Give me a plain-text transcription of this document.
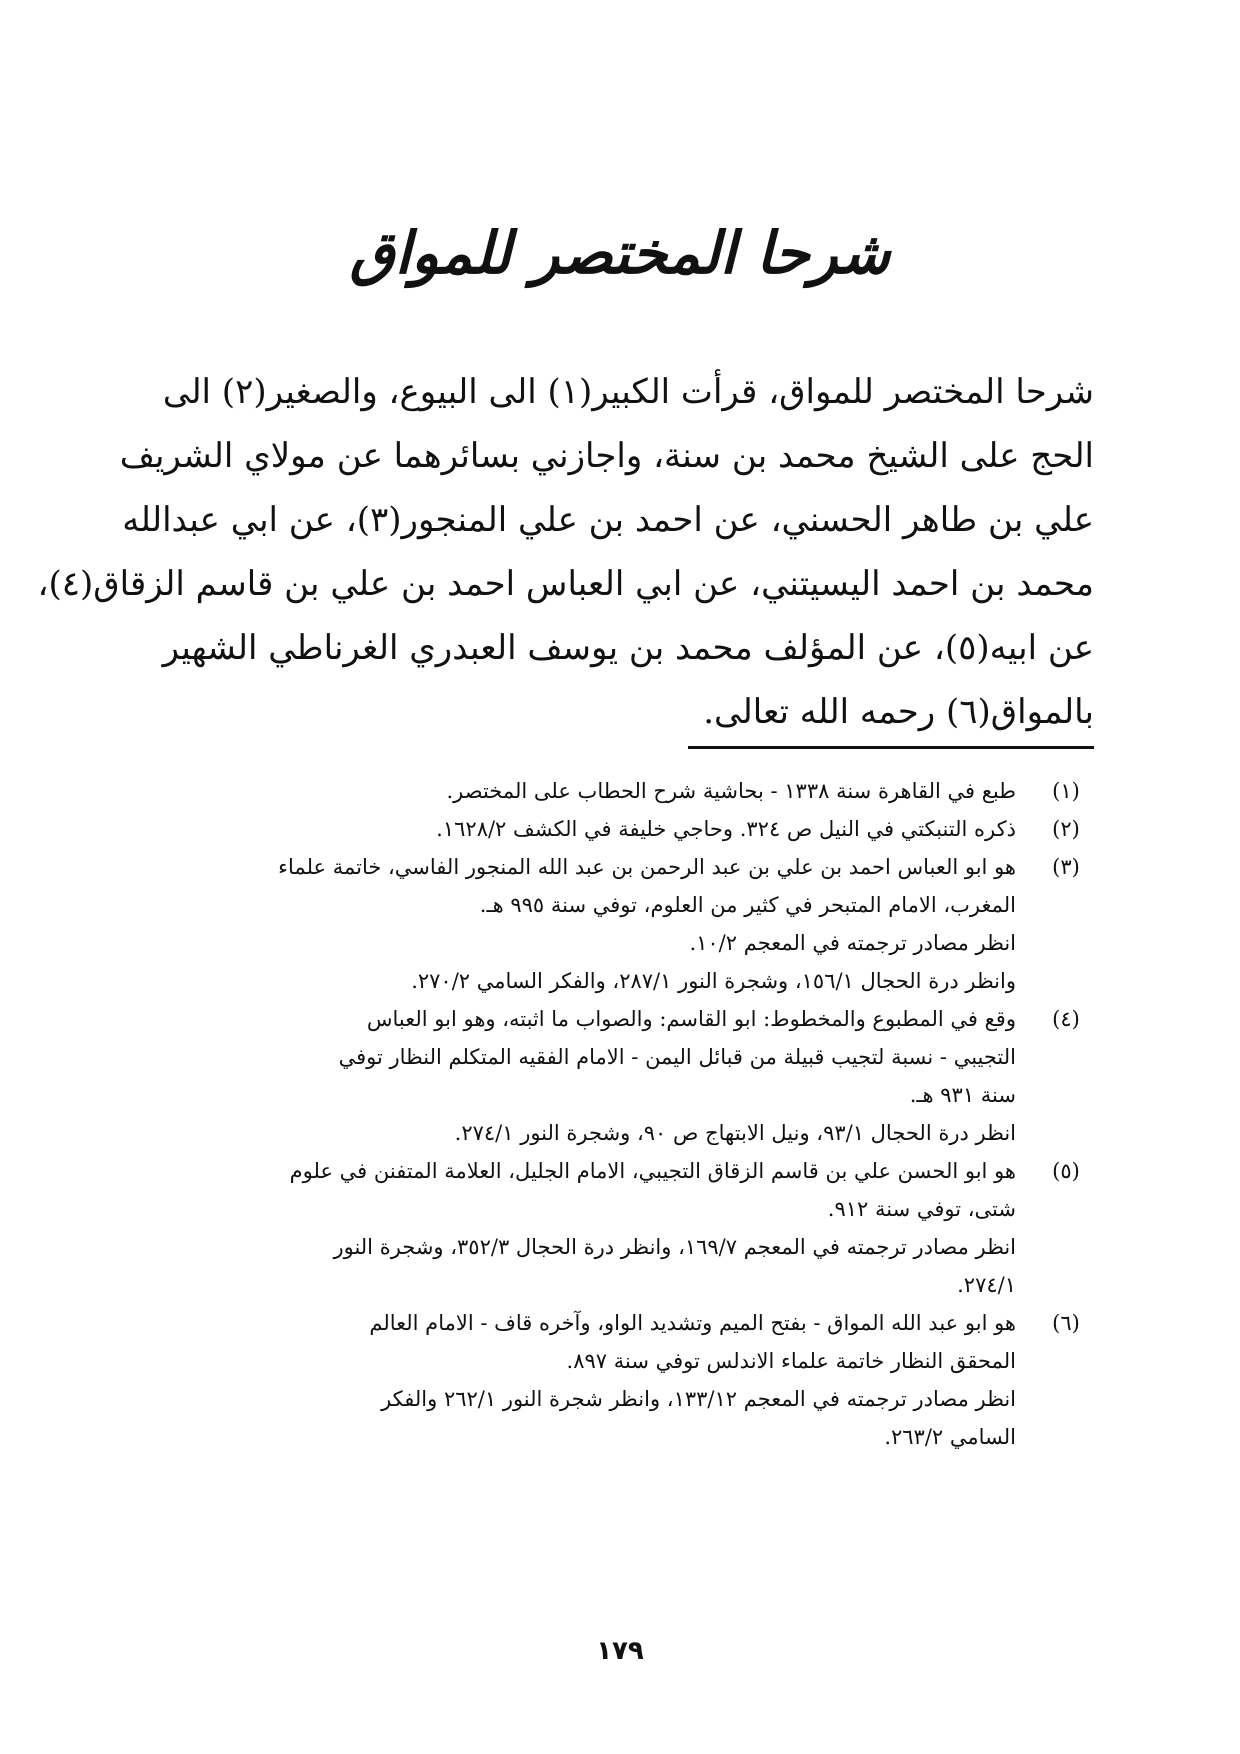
شرحا المختصر للمواق
شرحا المختصر للمواق، قرأت الكبير(١) الى البيوع، والصغير(٢) الى
الحج على الشيخ محمد بن سنة، واجازني بسائرهما عن مولاي الشريف
علي بن طاهر الحسني، عن احمد بن علي المنجور(٣)، عن ابي عبدالله
محمد بن احمد اليسيتني، عن ابي العباس احمد بن علي بن قاسم الزقاق(٤)،
عن ابيه(٥)، عن المؤلف محمد بن يوسف العبدري الغرناطي الشهير
بالمواق(٦) رحمه الله تعالى.
(١)
طبع في القاهرة سنة ١٣٣٨ - بحاشية شرح الحطاب على المختصر.
(٢)
ذكره التنبكتي في النيل ص ٣٢٤. وحاجي خليفة في الكشف ١٦٢٨/٢.
(٣)
هو ابو العباس احمد بن علي بن عبد الرحمن بن عبد الله المنجور الفاسي، خاتمة علماء
المغرب، الامام المتبحر في كثير من العلوم، توفي سنة ٩٩٥ هـ.
انظر مصادر ترجمته في المعجم ١٠/٢.
وانظر درة الحجال ١٥٦/١، وشجرة النور ٢٨٧/١، والفكر السامي ٢٧٠/٢.
(٤)
وقع في المطبوع والمخطوط: ابو القاسم: والصواب ما اثبته، وهو ابو العباس
التجيبي - نسبة لتجيب قبيلة من قبائل اليمن - الامام الفقيه المتكلم النظار توفي
سنة ٩٣١ هـ.
انظر درة الحجال ٩٣/١، ونيل الابتهاج ص ٩٠، وشجرة النور ٢٧٤/١.
(٥)
هو ابو الحسن علي بن قاسم الزقاق التجيبي، الامام الجليل، العلامة المتفنن في علوم
شتى، توفي سنة ٩١٢.
انظر مصادر ترجمته في المعجم ١٦٩/٧، وانظر درة الحجال ٣٥٢/٣، وشجرة النور
٢٧٤/١.
(٦)
هو ابو عبد الله المواق - بفتح الميم وتشديد الواو، وآخره قاف - الامام العالم
المحقق النظار خاتمة علماء الاندلس توفي سنة ٨٩٧.
انظر مصادر ترجمته في المعجم ١٣٣/١٢، وانظر شجرة النور ٢٦٢/١ والفكر
السامي ٢٦٣/٢.
١٧٩
